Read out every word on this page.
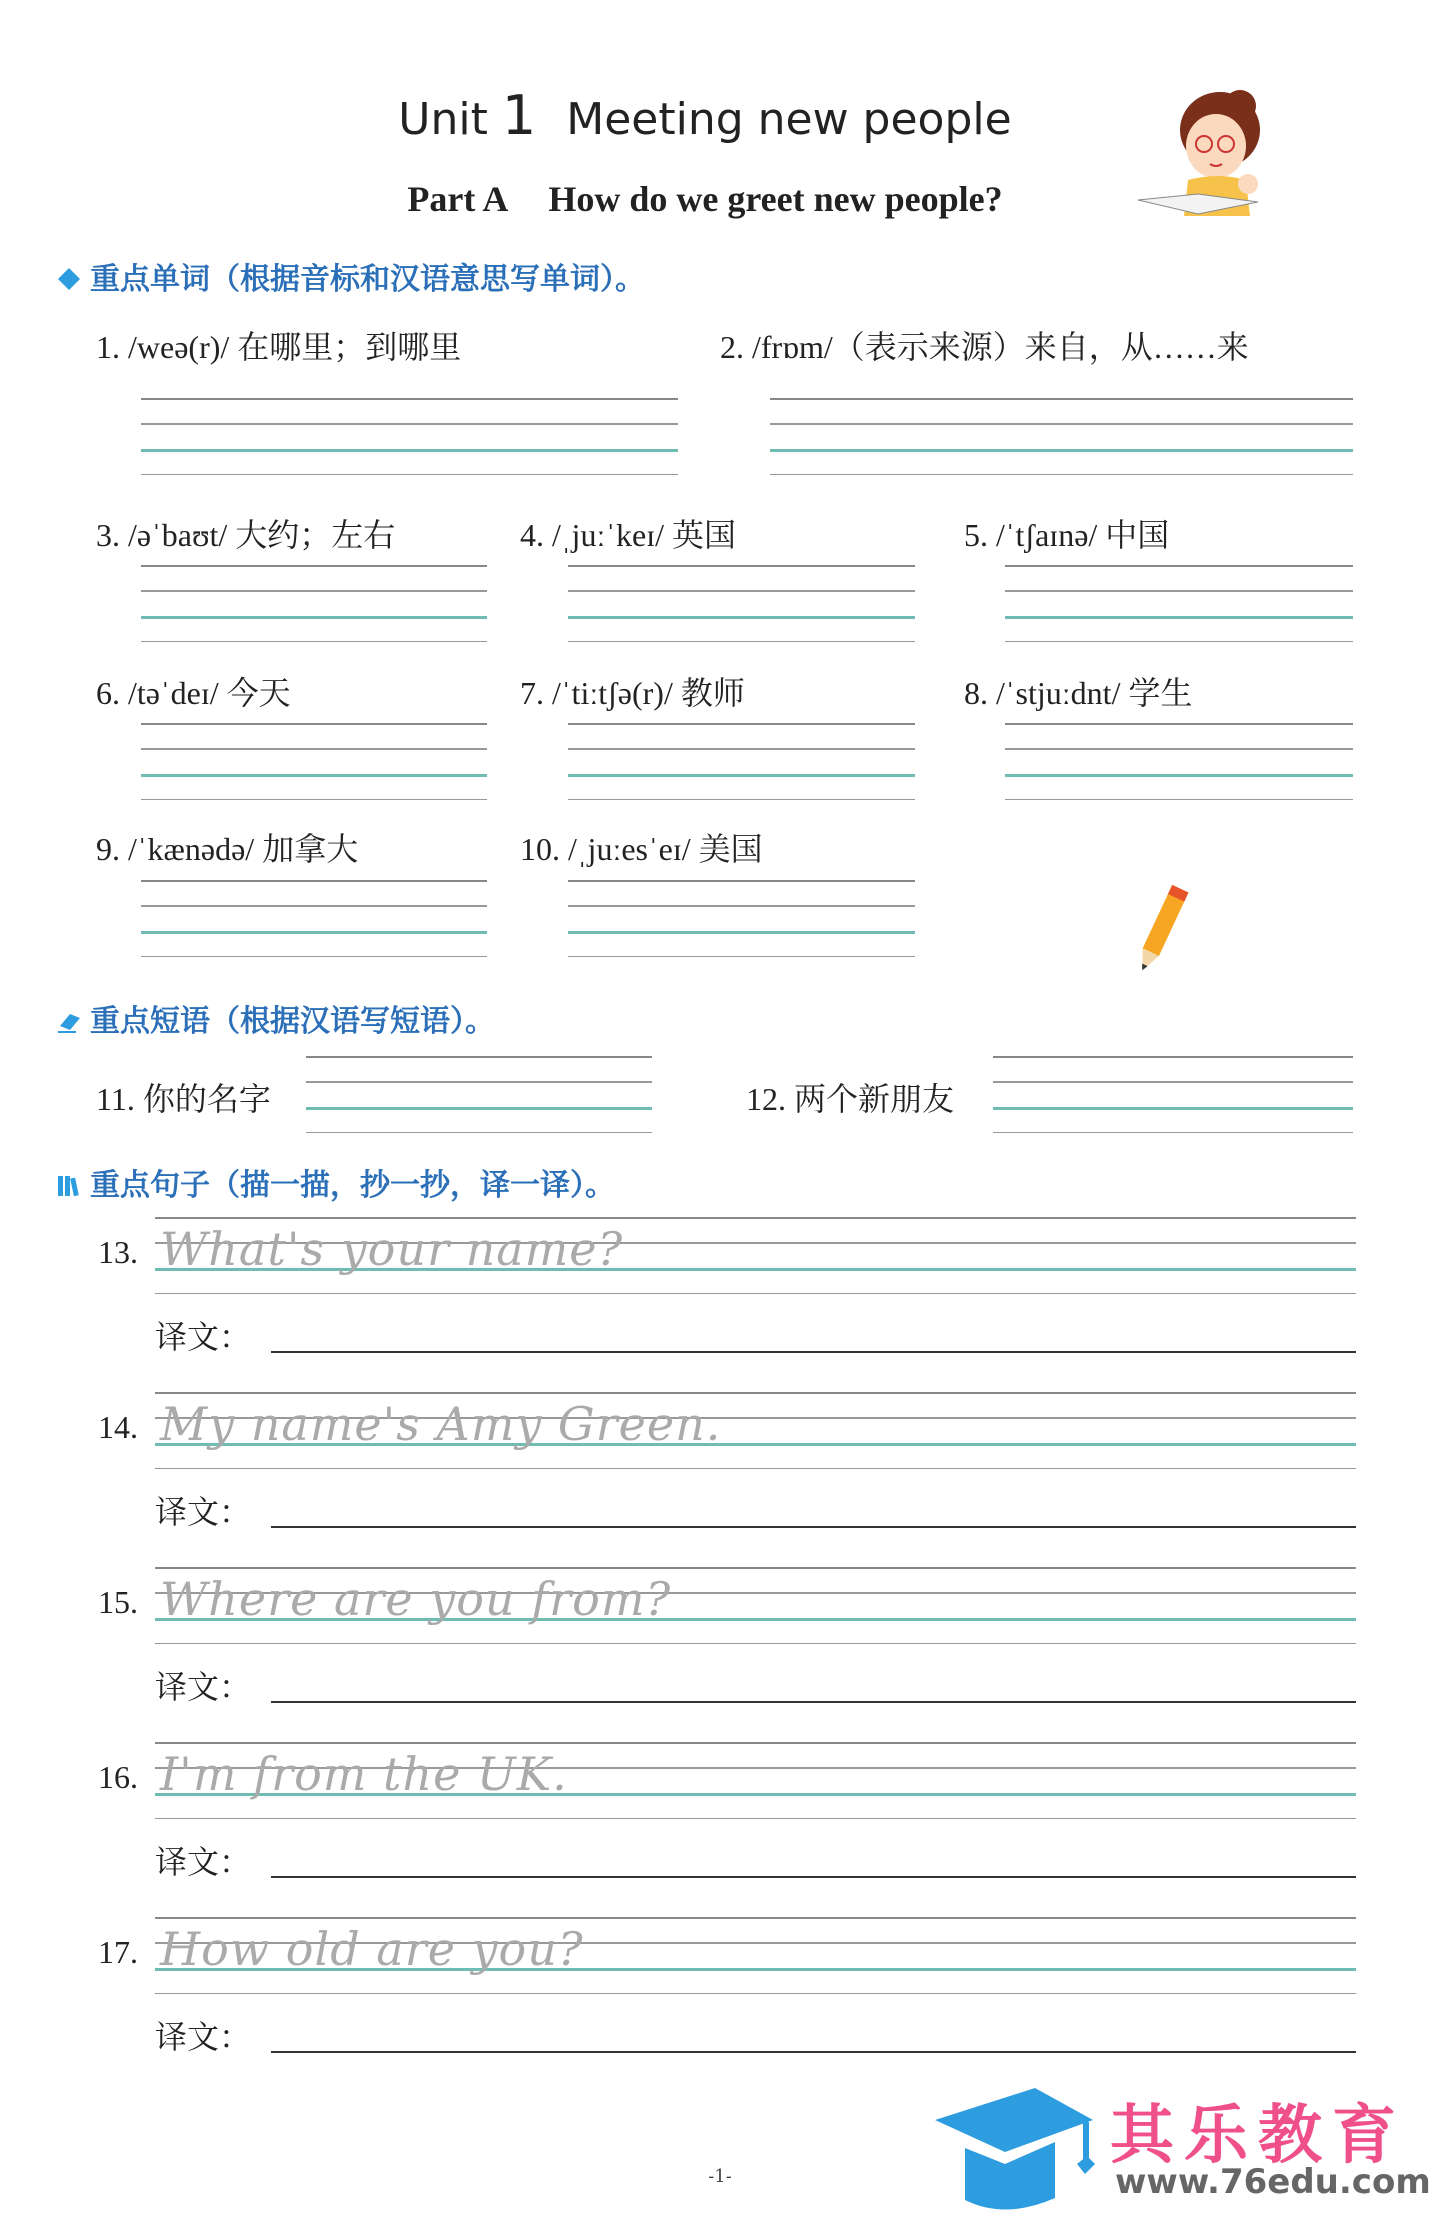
Unit 1 Meeting new people
Part A How do we greet new people?
重点单词（根据音标和汉语意思写单词）。
1. /weə(r)/ 在哪里；到哪里	2. /frɒm/（表示来源）来自，从……来
3. /əˈbaʊt/ 大约；左右	4. /ˌjuːˈkeɪ/ 英国	5. /ˈtʃaɪnə/ 中国
6. /təˈdeɪ/ 今天	7. /ˈtiːtʃə(r)/ 教师	8. /ˈstjuːdnt/ 学生
9. /ˈkænədə/ 加拿大	10. /ˌjuːesˈeɪ/ 美国
重点短语（根据汉语写短语）。
11. 你的名字	12. 两个新朋友
重点句子（描一描，抄一抄，译一译）。
13. What's your name?
译文：
14. My name's Amy Green.
译文：
15. Where are you from?
译文：
16. I'm from the UK.
译文：
17. How old are you?
译文：
-1-
其乐教育
www.76edu.com
